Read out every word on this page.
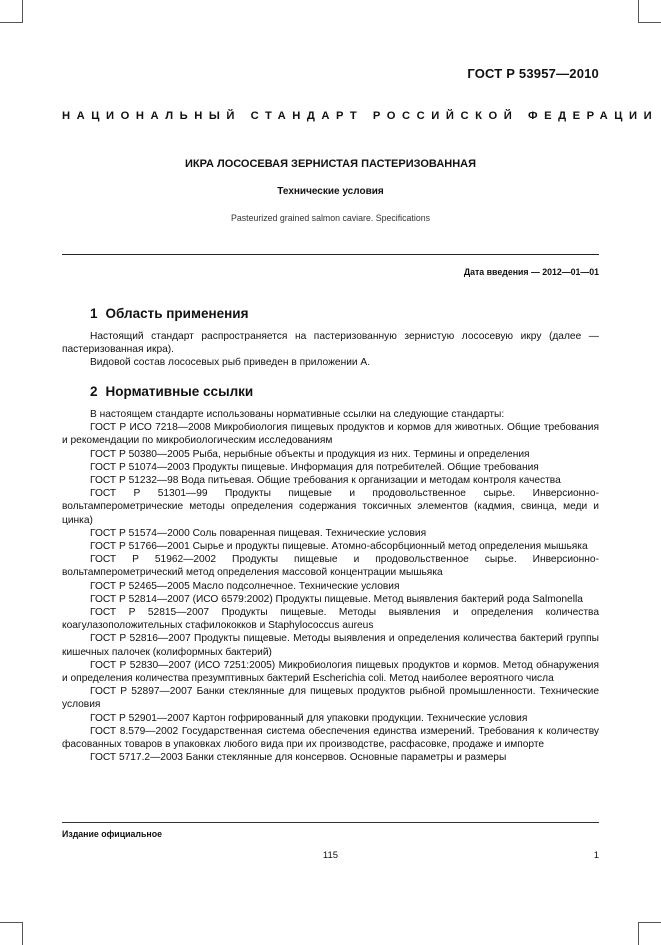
ГОСТ Р 53957—2010
НАЦИОНАЛЬНЫЙ СТАНДАРТ РОССИЙСКОЙ ФЕДЕРАЦИИ
ИКРА ЛОСОСЕВАЯ ЗЕРНИСТАЯ ПАСТЕРИЗОВАННАЯ
Технические условия
Pasteurized grained salmon caviare. Specifications
Дата введения — 2012—01—01
1 Область применения

Настоящий стандарт распространяется на пастеризованную зернистую лососевую икру (далее — пастеризованная икра).

Видовой состав лососевых рыб приведен в приложении А.

2 Нормативные ссылки

В настоящем стандарте использованы нормативные ссылки на следующие стандарты:

ГОСТ Р ИСО 7218—2008 Микробиология пищевых продуктов и кормов для животных. Общие требования и рекомендации по микробиологическим исследованиям

ГОСТ Р 50380—2005 Рыба, нерыбные объекты и продукция из них. Термины и определения

ГОСТ Р 51074—2003 Продукты пищевые. Информация для потребителей. Общие требования

ГОСТ Р 51232—98 Вода питьевая. Общие требования к организации и методам контроля качества

ГОСТ Р 51301—99 Продукты пищевые и продовольственное сырье. Инверсионно-вольтамперометрические методы определения содержания токсичных элементов (кадмия, свинца, меди и цинка)

ГОСТ Р 51574—2000 Соль поваренная пищевая. Технические условия

ГОСТ Р 51766—2001 Сырье и продукты пищевые. Атомно-абсорбционный метод определения мышьяка

ГОСТ Р 51962—2002 Продукты пищевые и продовольственное сырье. Инверсионно-вольтамперометрический метод определения массовой концентрации мышьяка

ГОСТ Р 52465—2005 Масло подсолнечное. Технические условия

ГОСТ Р 52814—2007 (ИСО 6579:2002) Продукты пищевые. Метод выявления бактерий рода Salmonella

ГОСТ Р 52815—2007 Продукты пищевые. Методы выявления и определения количества коагулазоположительных стафилококков и Staphylococcus aureus

ГОСТ Р 52816—2007 Продукты пищевые. Методы выявления и определения количества бактерий группы кишечных палочек (колиформных бактерий)

ГОСТ Р 52830—2007 (ИСО 7251:2005) Микробиология пищевых продуктов и кормов. Метод обнаружения и определения количества презумптивных бактерий Escherichia coli. Метод наиболее вероятного числа

ГОСТ Р 52897—2007 Банки стеклянные для пищевых продуктов рыбной промышленности. Технические условия

ГОСТ Р 52901—2007 Картон гофрированный для упаковки продукции. Технические условия

ГОСТ 8.579—2002 Государственная система обеспечения единства измерений. Требования к количеству фасованных товаров в упаковках любого вида при их производстве, расфасовке, продаже и импорте

ГОСТ 5717.2—2003 Банки стеклянные для консервов. Основные параметры и размеры

Издание официальное
115	1
